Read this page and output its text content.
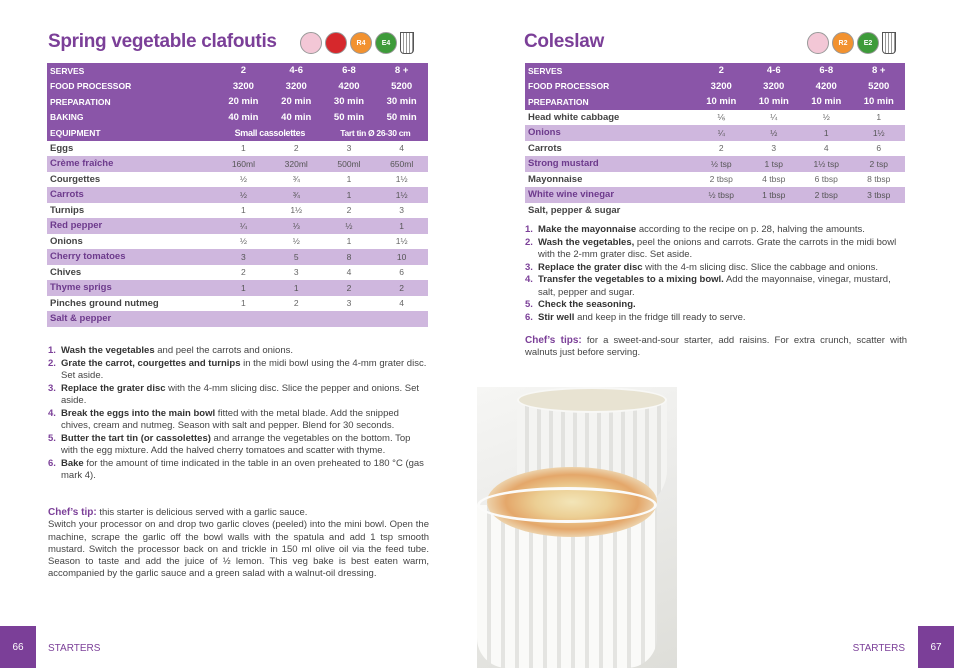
Spring vegetable clafoutis	R4	E4
SERVES	2	4-6	6-8	8 +
FOOD PROCESSOR	3200	3200	4200	5200
PREPARATION	20 min	20 min	30 min	30 min
BAKING	40 min	40 min	50 min	50 min
EQUIPMENT	Small cassolettes		Tart tin Ø 26-30 cm	
Eggs	1	2	3	4
Crème fraîche	160ml	320ml	500ml	650ml
Courgettes	½	¾	1	1½
Carrots	½	¾	1	1½
Turnips	1	1½	2	3
Red pepper	¼	⅓	½	1
Onions	½	½	1	1½
Cherry tomatoes	3	5	8	10
Chives	2	3	4	6
Thyme sprigs	1	1	2	2
Pinches ground nutmeg	1	2	3	4
Salt & pepper				
1. Wash the vegetables and peel the carrots and onions.
2. Grate the carrot, courgettes and turnips in the midi bowl using the 4-mm grater disc. Set aside.
3. Replace the grater disc with the 4-mm slicing disc. Slice the pepper and onions. Set aside.
4. Break the eggs into the main bowl fitted with the metal blade. Add the snipped chives, cream and nutmeg. Season with salt and pepper. Blend for 30 seconds.
5. Butter the tart tin (or cassolettes) and arrange the vegetables on the bottom. Top with the egg mixture. Add the halved cherry tomatoes and scatter with thyme.
6. Bake for the amount of time indicated in the table in an oven preheated to 180 °C (gas mark 4).
Chef’s tip: this starter is delicious served with a garlic sauce.
Switch your processor on and drop two garlic cloves (peeled) into the mini bowl. Open the machine, scrape the garlic off the bowl walls with the spatula and add 1 tsp smooth mustard. Switch the processor back on and trickle in 150 ml olive oil via the feed tube. Season to taste and add the juice of ½ lemon. This veg bake is best eaten warm, accompanied by the garlic sauce and a green salad with a walnut-oil dressing.
66	STARTERS
Coleslaw	R2	E2
SERVES	2	4-6	6-8	8 +
FOOD PROCESSOR	3200	3200	4200	5200
PREPARATION	10 min	10 min	10 min	10 min
Head white cabbage	⅙	¼	½	1
Onions	¼	½	1	1½
Carrots	2	3	4	6
Strong mustard	½ tsp	1 tsp	1½ tsp	2 tsp
Mayonnaise	2 tbsp	4 tbsp	6 tbsp	8 tbsp
White wine vinegar	½ tbsp	1 tbsp	2 tbsp	3 tbsp
Salt, pepper & sugar				
1. Make the mayonnaise according to the recipe on p. 28, halving the amounts.
2. Wash the vegetables, peel the onions and carrots. Grate the carrots in the midi bowl with the 2-mm grater disc. Set aside.
3. Replace the grater disc with the 4-m slicing disc. Slice the cabbage and onions.
4. Transfer the vegetables to a mixing bowl. Add the mayonnaise, vinegar, mustard, salt, pepper and sugar.
5. Check the seasoning.
6. Stir well and keep in the fridge till ready to serve.
Chef’s tips: for a sweet-and-sour starter, add raisins. For extra crunch, scatter with walnuts just before serving.
67
STARTERS
